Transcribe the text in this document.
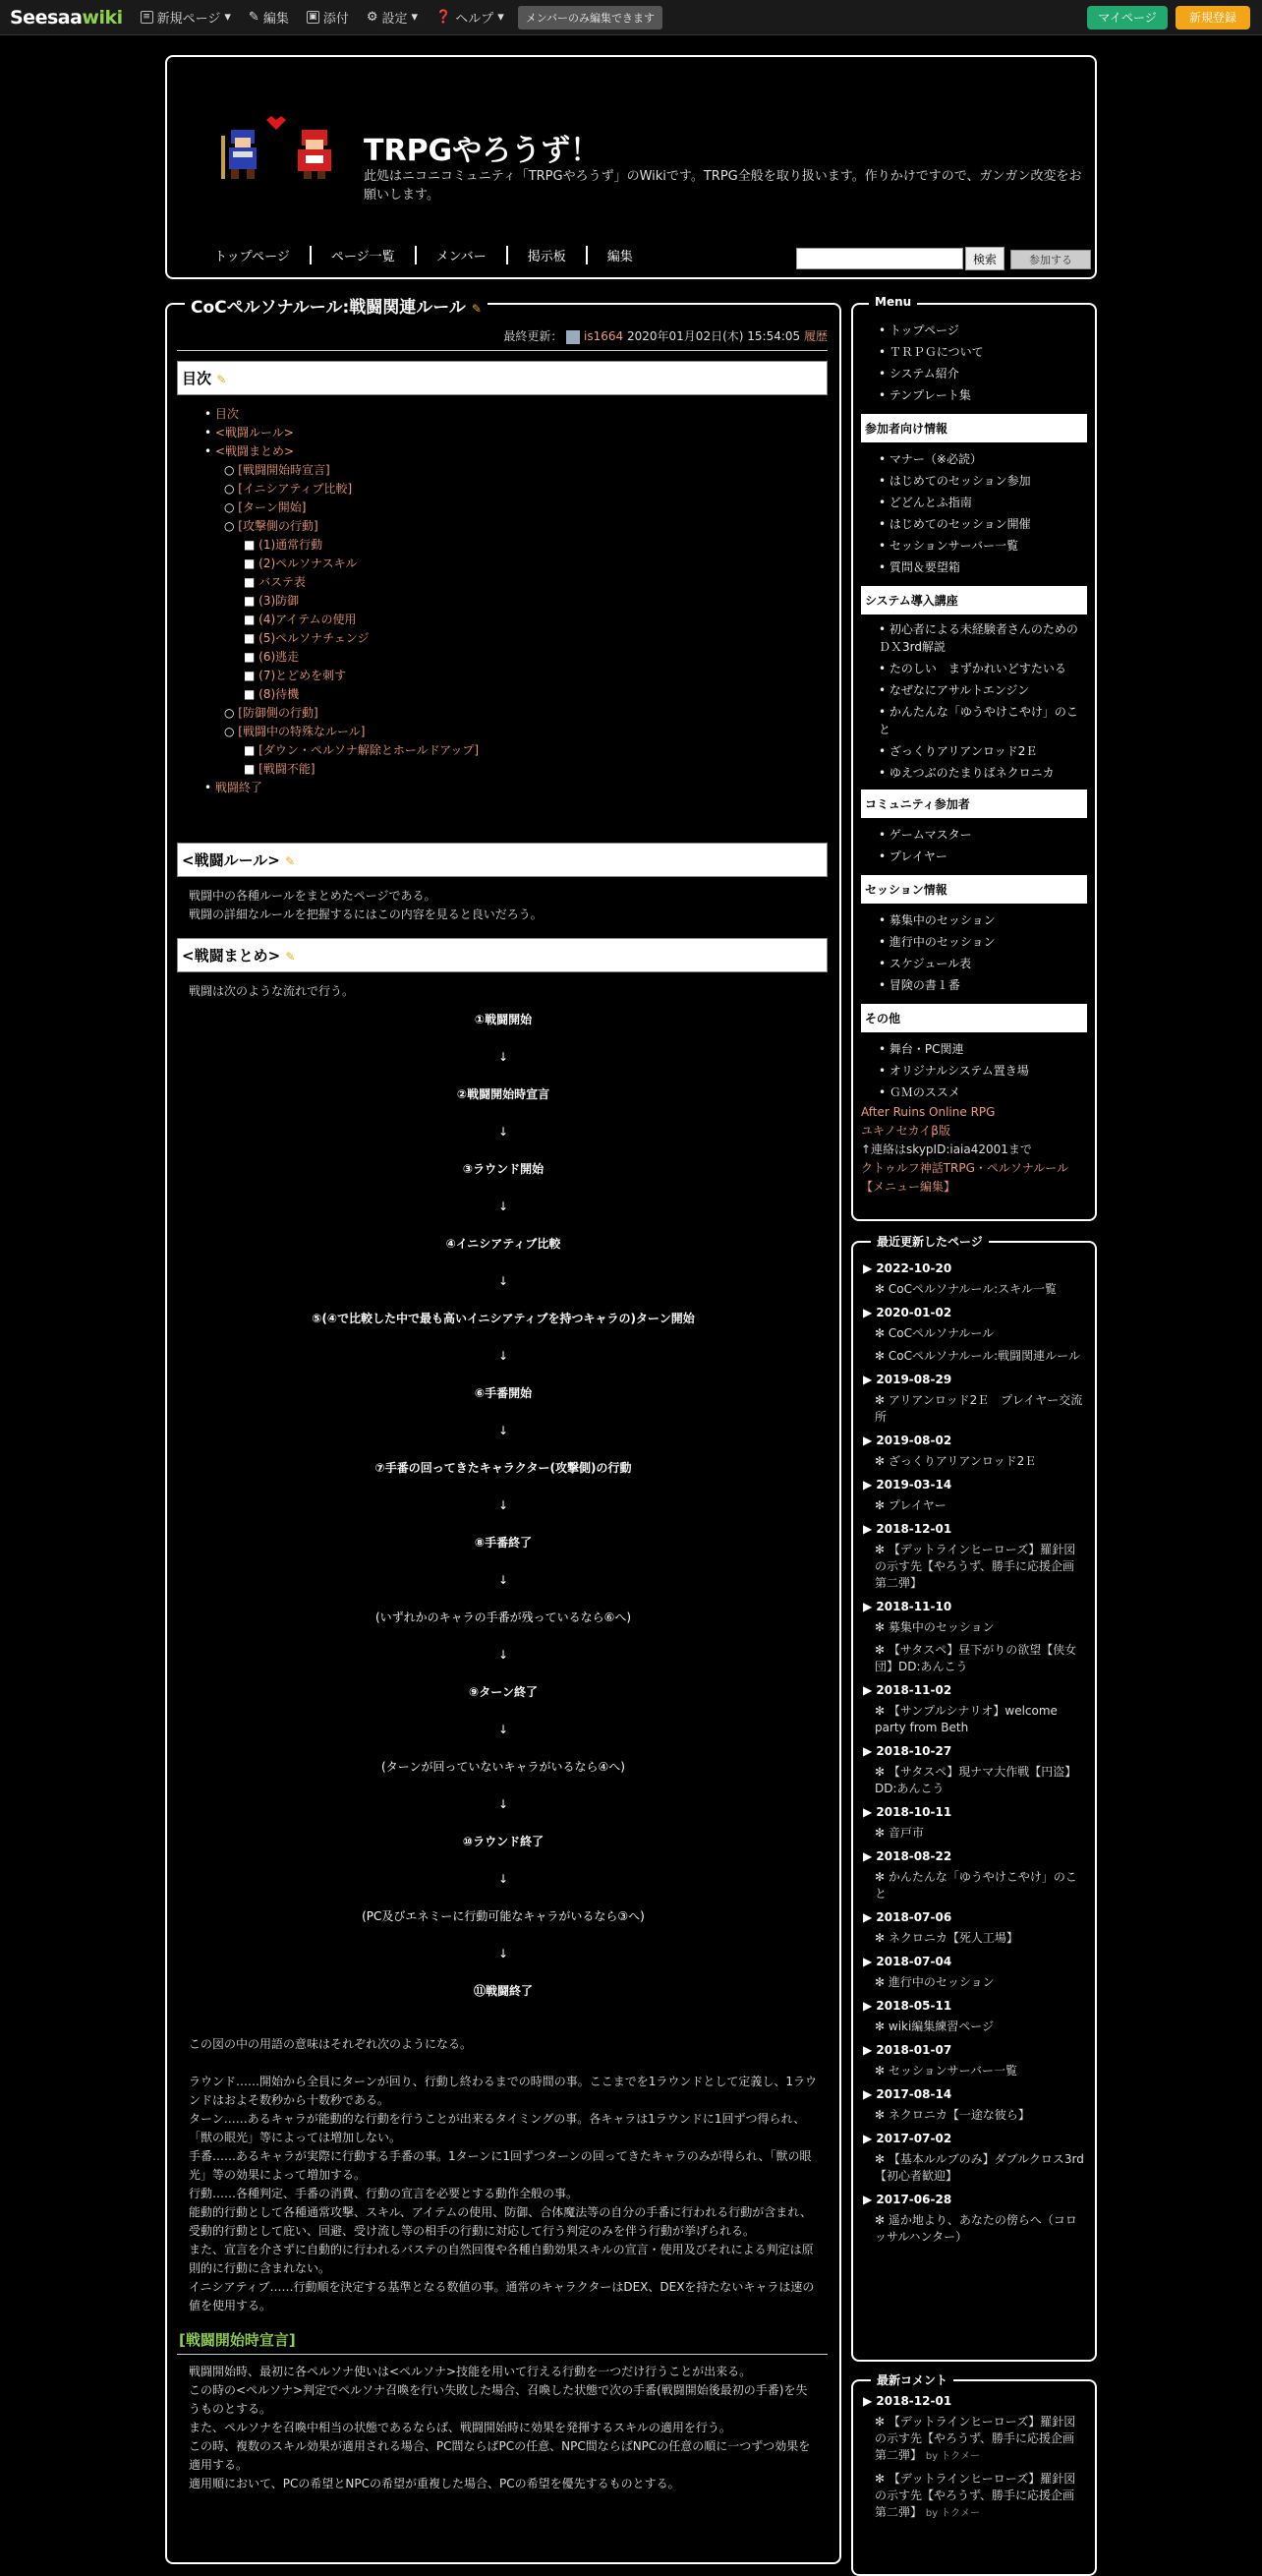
Seesaawiki	≡ 新規ページ ▾ ✎ 編集 ▣ 添付 ⚙ 設定 ▾ ❓ ヘルプ ▾	メンバーのみ編集できます	マイページ	新規登録
TRPGやろうず！
此処はニコニコミュニティ「TRPGやろうず」のWikiです。TRPG全般を取り扱います。作りかけですので、ガンガン改変をお願いします。
トップページ	ページ一覧	メンバー	掲示板	編集	検索	参加する
CoCペルソナルール:戦闘関連ルール ✎
最終更新： is1664 2020年01月02日(木) 15:54:05 履歴
目次 ✎
• 目次
• <戦闘ルール>
• <戦闘まとめ>
○ [戦闘開始時宣言]
○ [イニシアティブ比較]
○ [ターン開始]
○ [攻撃側の行動]
■ (1)通常行動
■ (2)ペルソナスキル
■ バステ表
■ (3)防御
■ (4)アイテムの使用
■ (5)ペルソナチェンジ
■ (6)逃走
■ (7)とどめを刺す
■ (8)待機
○ [防御側の行動]
○ [戦闘中の特殊なルール]
■ [ダウン・ペルソナ解除とホールドアップ]
■ [戦闘不能]
• 戦闘終了
<戦闘ルール> ✎
戦闘中の各種ルールをまとめたページである。
戦闘の詳細なルールを把握するにはこの内容を見ると良いだろう。
<戦闘まとめ> ✎
戦闘は次のような流れで行う。
①戦闘開始
↓
②戦闘開始時宣言
↓
③ラウンド開始
↓
④イニシアティブ比較
↓
⑤(④で比較した中で最も高いイニシアティブを持つキャラの)ターン開始
↓
⑥手番開始
↓
⑦手番の回ってきたキャラクター(攻撃側)の行動
↓
⑧手番終了
↓
(いずれかのキャラの手番が残っているなら⑥へ)
↓
⑨ターン終了
↓
(ターンが回っていないキャラがいるなら④へ)
↓
⑩ラウンド終了
↓
(PC及びエネミーに行動可能なキャラがいるなら③へ)
↓
⑪戦闘終了
この図の中の用語の意味はそれぞれ次のようになる。
ラウンド……開始から全員にターンが回り、行動し終わるまでの時間の事。ここまでを1ラウンドとして定義し、1ラウンドはおよそ数秒から十数秒である。
ターン……あるキャラが能動的な行動を行うことが出来るタイミングの事。各キャラは1ラウンドに1回ずつ得られ、「獣の眼光」等によっては増加しない。
手番……あるキャラが実際に行動する手番の事。1ターンに1回ずつターンの回ってきたキャラのみが得られ、「獣の眼光」等の効果によって増加する。
行動……各種判定、手番の消費、行動の宣言を必要とする動作全般の事。
能動的行動として各種通常攻撃、スキル、アイテムの使用、防御、合体魔法等の自分の手番に行われる行動が含まれ、
受動的行動として庇い、回避、受け流し等の相手の行動に対応して行う判定のみを伴う行動が挙げられる。
また、宣言を介さずに自動的に行われるバステの自然回復や各種自動効果スキルの宣言・使用及びそれによる判定は原則的に行動に含まれない。
イニシアティブ……行動順を決定する基準となる数値の事。通常のキャラクターはDEX、DEXを持たないキャラは速の値を使用する。
[戦闘開始時宣言]
戦闘開始時、最初に各ペルソナ使いは<ペルソナ>技能を用いて行える行動を一つだけ行うことが出来る。
この時の<ペルソナ>判定でペルソナ召喚を行い失敗した場合、召喚した状態で次の手番(戦闘開始後最初の手番)を失うものとする。
また、ペルソナを召喚中相当の状態であるならば、戦闘開始時に効果を発揮するスキルの適用を行う。
この時、複数のスキル効果が適用される場合、PC間ならばPCの任意、NPC間ならばNPCの任意の順に一つずつ効果を適用する。
適用順において、PCの希望とNPCの希望が重複した場合、PCの希望を優先するものとする。
Menu
• トップページ
• ＴＲＰＧについて
• システム紹介
• テンプレート集
参加者向け情報
• マナー（※必読）
• はじめてのセッション参加
• どどんとふ指南
• はじめてのセッション開催
• セッションサーバー一覧
• 質問＆要望箱
システム導入講座
• 初心者による未経験者さんのためのＤＸ3rd解説
• たのしい　まずかれいどすたいる
• なぜなにアサルトエンジン
• かんたんな「ゆうやけこやけ」のこと
• ざっくりアリアンロッド2Ｅ
• ゆえつぶのたまりばネクロニカ
コミュニティ参加者
• ゲームマスター
• プレイヤー
セッション情報
• 募集中のセッション
• 進行中のセッション
• スケジュール表
• 冒険の書１番
その他
• 舞台・PC関連
• オリジナルシステム置き場
• ＧＭのススメ
After Ruins Online RPG
ユキノセカイβ版
↑連絡はskypID:iaia42001まで
クトゥルフ神話TRPG・ペルソナルール
【メニュー編集】
最近更新したページ
▶ 2022-10-20
✻ CoCペルソナルール:スキル一覧
▶ 2020-01-02
✻ CoCペルソナルール
✻ CoCペルソナルール:戦闘関連ルール
▶ 2019-08-29
✻ アリアンロッド2Ｅ　プレイヤー交流所
▶ 2019-08-02
✻ ざっくりアリアンロッド2Ｅ
▶ 2019-03-14
✻ プレイヤー
▶ 2018-12-01
✻ 【デットラインヒーローズ】羅針図の示す先【やろうず、勝手に応援企画第二弾】
▶ 2018-11-10
✻ 募集中のセッション
✻ 【サタスペ】昼下がりの欲望【侠女団】DD:あんこう
▶ 2018-11-02
✻ 【サンプルシナリオ】welcome party from Beth
▶ 2018-10-27
✻ 【サタスペ】現ナマ大作戦【円盗】　DD:あんこう
▶ 2018-10-11
✻ 音戸市
▶ 2018-08-22
✻ かんたんな「ゆうやけこやけ」のこと
▶ 2018-07-06
✻ ネクロニカ【死人工場】
▶ 2018-07-04
✻ 進行中のセッション
▶ 2018-05-11
✻ wiki編集練習ページ
▶ 2018-01-07
✻ セッションサーバー一覧
▶ 2017-08-14
✻ ネクロニカ【一途な彼ら】
▶ 2017-07-02
✻ 【基本ルルブのみ】ダブルクロス3rd【初心者歓迎】
▶ 2017-06-28
✻ 遥か地より、あなたの傍らへ（コロッサルハンター）
最新コメント
▶ 2018-12-01
✻ 【デットラインヒーローズ】羅針図の示す先【やろうず、勝手に応援企画第二弾】 by トクメー
✻ 【デットラインヒーローズ】羅針図の示す先【やろうず、勝手に応援企画第二弾】 by トクメー
